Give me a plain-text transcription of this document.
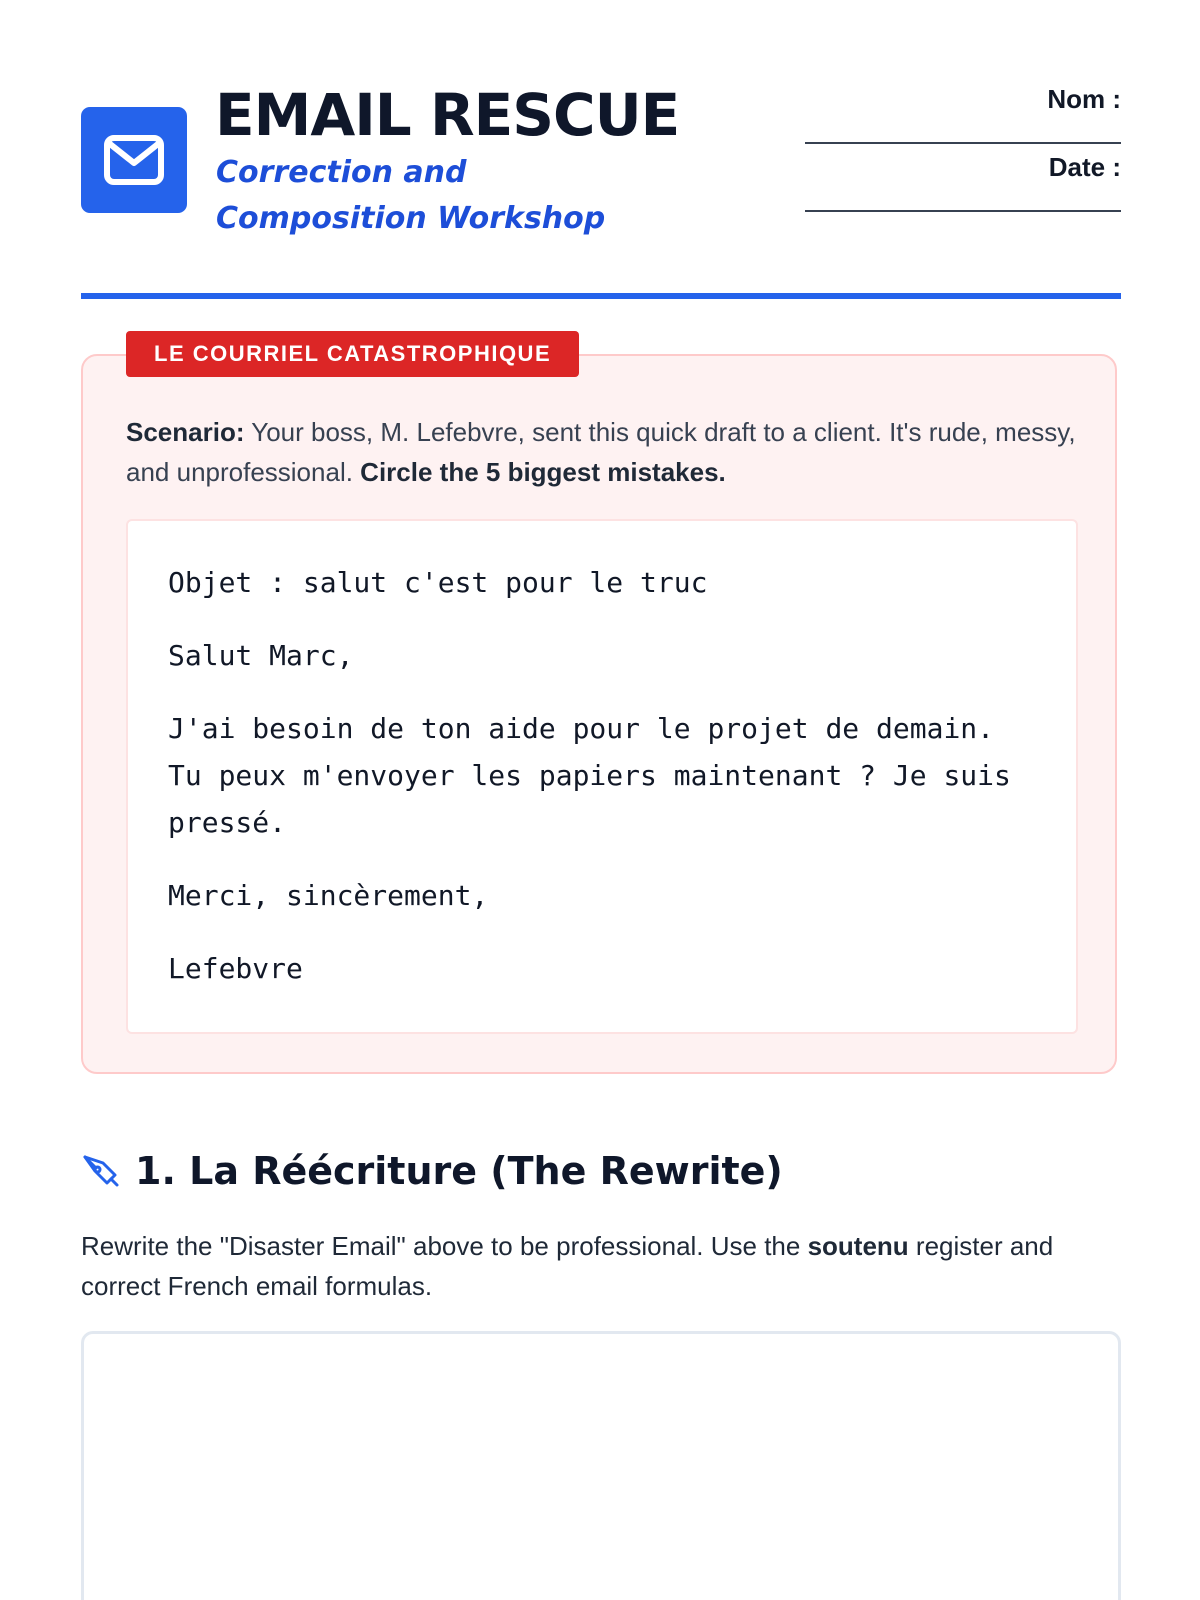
EMAIL RESCUE

Correction and Composition Workshop

Nom :
Date :
LE COURRIEL CATASTROPHIQUE

Scenario: Your boss, M. Lefebvre, sent this quick draft to a client. It's rude, messy, and unprofessional. Circle the 5 biggest mistakes.

Objet : salut c'est pour le truc

Salut Marc,

J'ai besoin de ton aide pour le projet de demain. Tu peux m'envoyer les papiers maintenant ? Je suis pressé.

Merci, sincèrement,

Lefebvre

1. La Réécriture (The Rewrite)

Rewrite the "Disaster Email" above to be professional. Use the soutenu register and correct French email formulas.
